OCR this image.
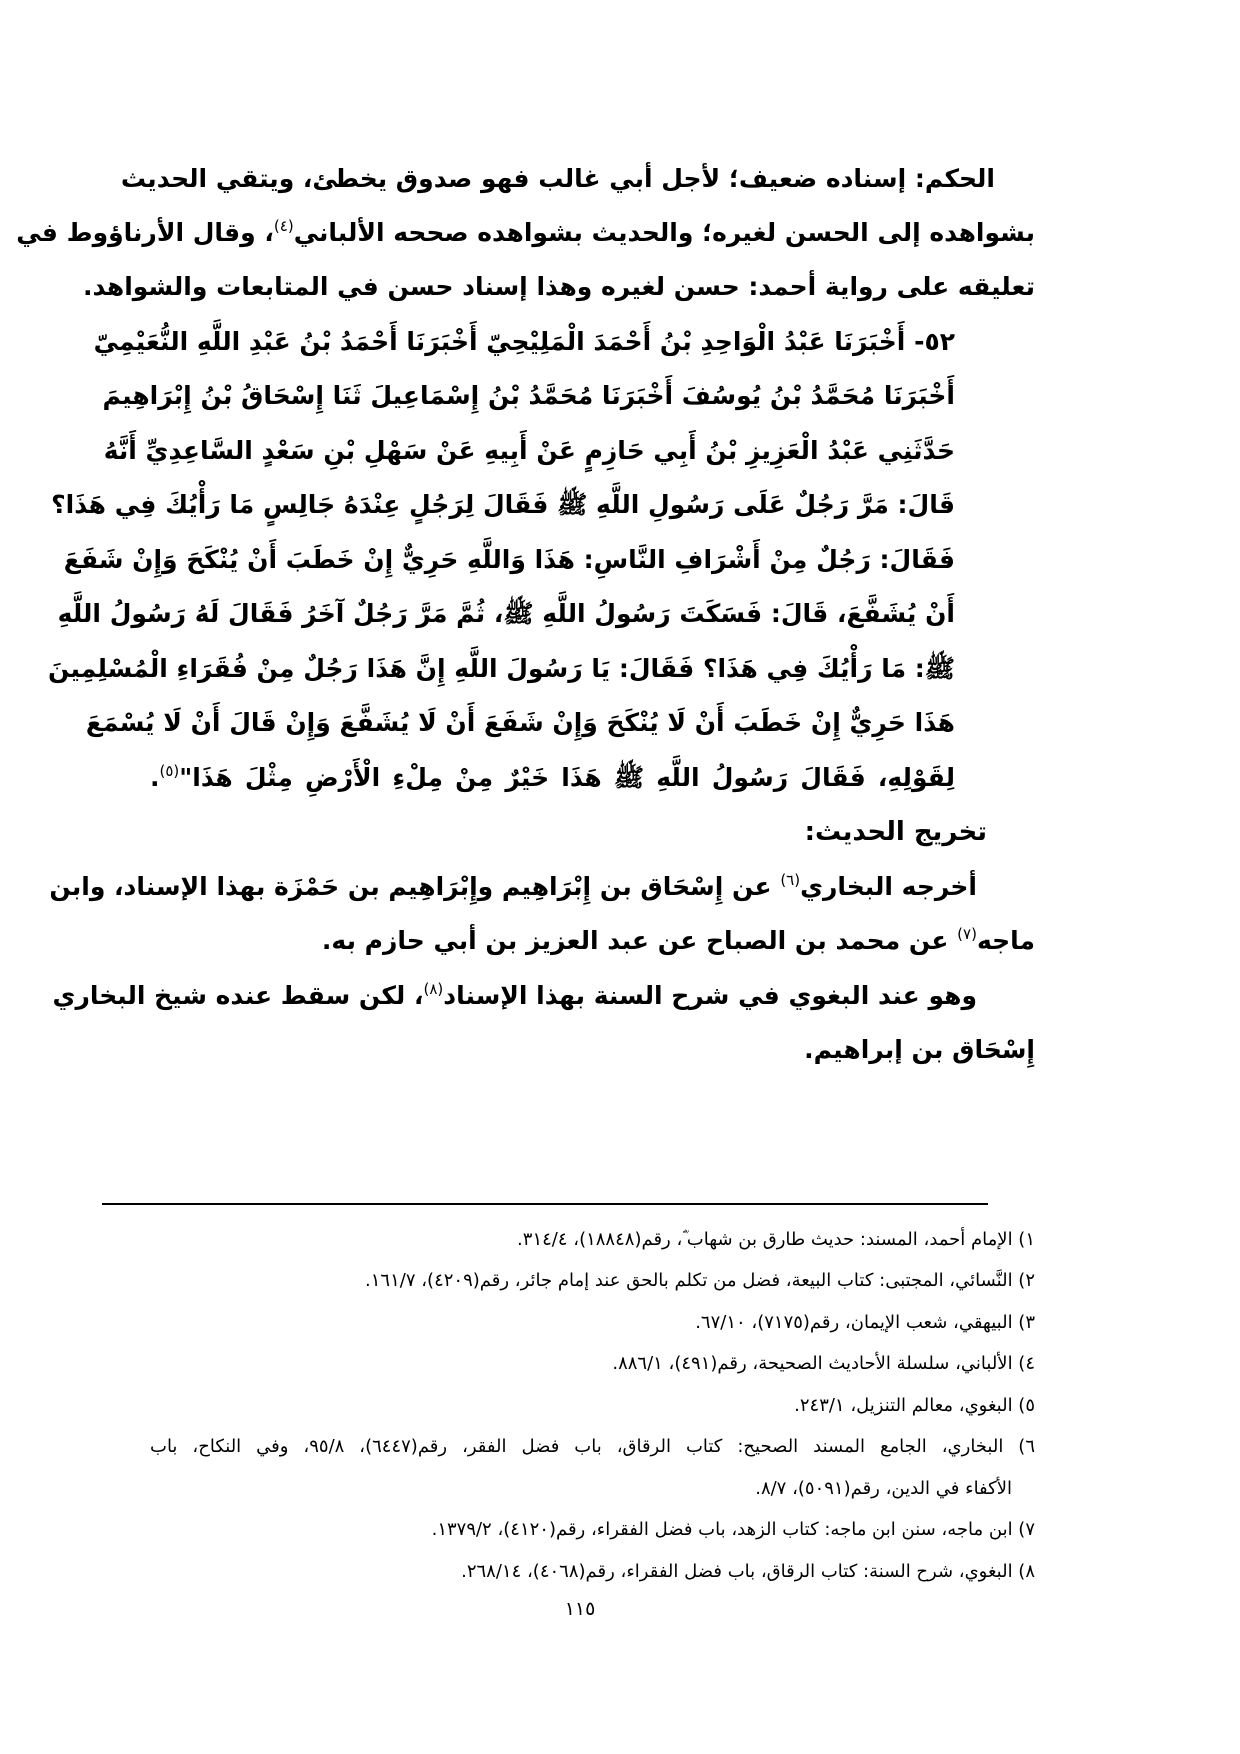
الحكم: إسناده ضعيف؛ لأجل أبي غالب فهو صدوق يخطئ، ويتقي الحديث
بشواهده إلى الحسن لغيره؛ والحديث بشواهده صححه الألباني$^{(٤)}$، وقال الأرناؤوط في
تعليقه على رواية أحمد: حسن لغيره وهذا إسناد حسن في المتابعات والشواهد.
٥٢- أَخْبَرَنَا عَبْدُ الْوَاحِدِ بْنُ أَحْمَدَ الْمَلِيْحِيّ أَخْبَرَنَا أَحْمَدُ بْنُ عَبْدِ اللَّهِ النُّعَيْمِيّ
أَخْبَرَنَا مُحَمَّدُ بْنُ يُوسُفَ أَخْبَرَنَا مُحَمَّدُ بْنُ إِسْمَاعِيلَ ثَنَا إِسْحَاقُ بْنُ إِبْرَاهِيمَ
حَدَّثَنِي عَبْدُ الْعَزِيزِ بْنُ أَبِي حَازِمٍ عَنْ أَبِيهِ عَنْ سَهْلِ بْنِ سَعْدٍ السَّاعِدِيِّ أَنَّهُ
قَالَ: مَرَّ رَجُلٌ عَلَى رَسُولِ اللَّهِ ﷺ فَقَالَ لِرَجُلٍ عِنْدَهُ جَالِسٍ مَا رَأْيُكَ فِي هَذَا؟
فَقَالَ: رَجُلٌ مِنْ أَشْرَافِ النَّاسِ: هَذَا وَاللَّهِ حَرِيٌّ إِنْ خَطَبَ أَنْ يُنْكَحَ وَإِنْ شَفَعَ
أَنْ يُشَفَّعَ، قَالَ: فَسَكَتَ رَسُولُ اللَّهِ ﷺ، ثُمَّ مَرَّ رَجُلٌ آخَرُ فَقَالَ لَهُ رَسُولُ اللَّهِ
ﷺ: مَا رَأْيُكَ فِي هَذَا؟ فَقَالَ: يَا رَسُولَ اللَّهِ إِنَّ هَذَا رَجُلٌ مِنْ فُقَرَاءِ الْمُسْلِمِينَ
هَذَا حَرِيٌّ إِنْ خَطَبَ أَنْ لَا يُنْكَحَ وَإِنْ شَفَعَ أَنْ لَا يُشَفَّعَ وَإِنْ قَالَ أَنْ لَا يُسْمَعَ
لِقَوْلِهِ، فَقَالَ رَسُولُ اللَّهِ ﷺ هَذَا خَيْرٌ مِنْ مِلْءِ الْأَرْضِ مِثْلَ هَذَا"$^{(٥)}$.
تخريج الحديث:
أخرجه البخاري$^{(٦)}$ عن إِسْحَاق بن إِبْرَاهِيم وإِبْرَاهِيم بن حَمْزَة بهذا الإسناد، وابن
ماجه$^{(٧)}$ عن محمد بن الصباح عن عبد العزيز بن أبي حازم به.
وهو عند البغوي في شرح السنة بهذا الإسناد$^{(٨)}$، لكن سقط عنده شيخ البخاري
إِسْحَاق بن إبراهيم.
١) الإمام أحمد، المسند: حديث طارق بن شهاب ؓ، رقم(١٨٨٤٨)، ٣١٤/٤.
٢) النَّسائي، المجتبى: كتاب البيعة، فضل من تكلم بالحق عند إمام جائر، رقم(٤٢٠٩)، ١٦١/٧.
٣) البيهقي، شعب الإيمان، رقم(٧١٧٥)، ٦٧/١٠.
٤) الألباني، سلسلة الأحاديث الصحيحة، رقم(٤٩١)، ٨٨٦/١.
٥) البغوي، معالم التنزيل، ٢٤٣/١.
٦) البخاري، الجامع المسند الصحيح: كتاب الرقاق، باب فضل الفقر، رقم(٦٤٤٧)، ٩٥/٨، وفي النكاح، باب
الأكفاء في الدين، رقم(٥٠٩١)، ٨/٧.
٧) ابن ماجه، سنن ابن ماجه: كتاب الزهد، باب فضل الفقراء، رقم(٤١٢٠)، ١٣٧٩/٢.
٨) البغوي، شرح السنة: كتاب الرقاق، باب فضل الفقراء، رقم(٤٠٦٨)، ٢٦٨/١٤.
١١٥
